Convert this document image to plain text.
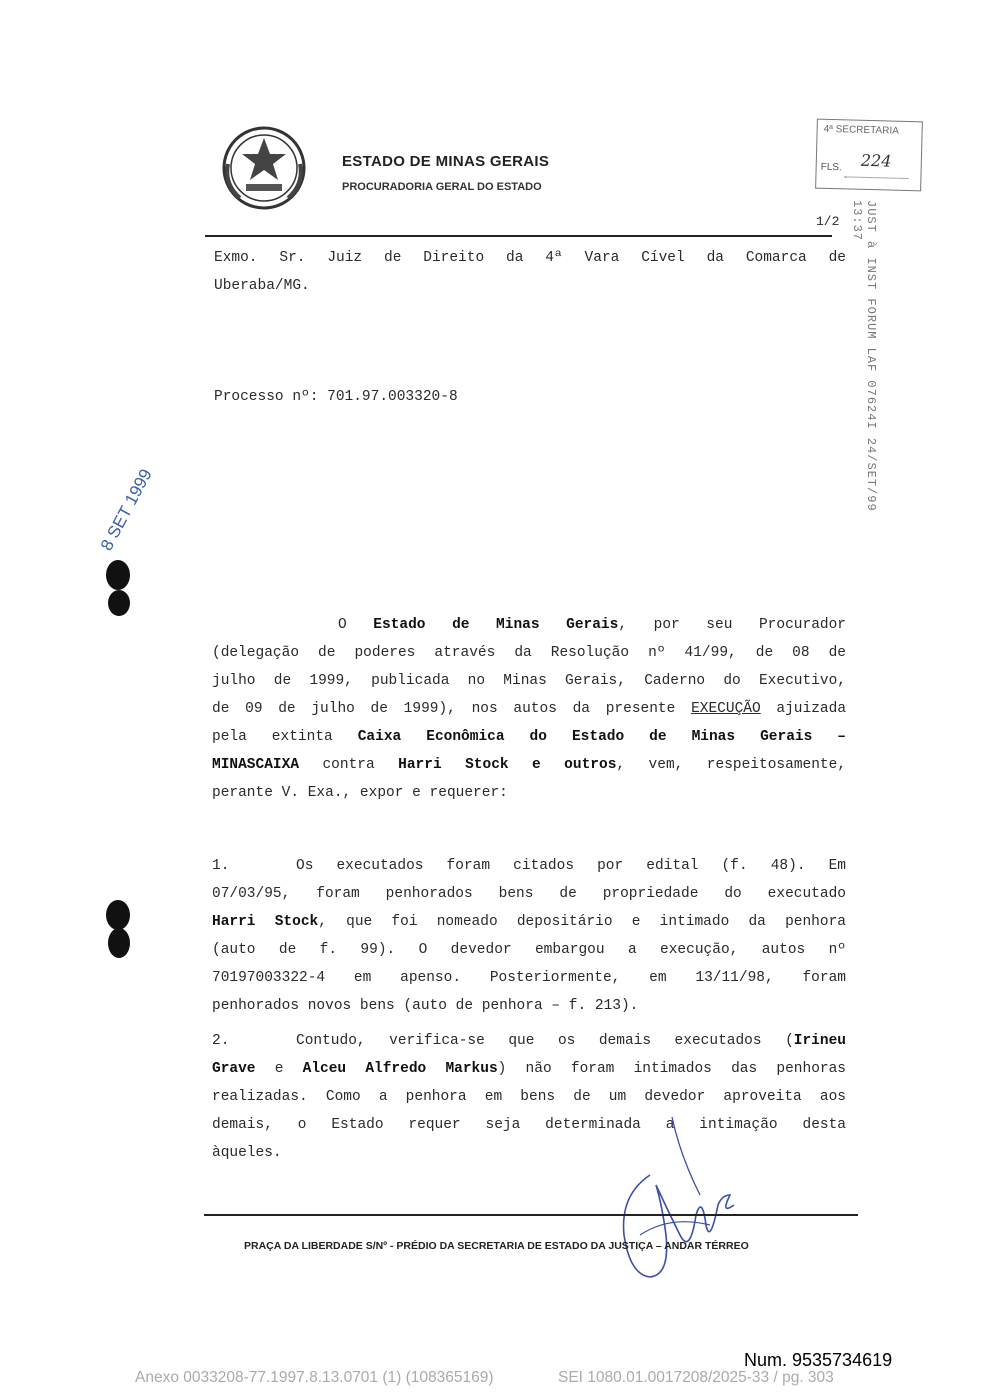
ESTADO DE MINAS GERAIS
PROCURADORIA GERAL DO ESTADO
4ª SECRETARIA
FLS. 224
1/2	JUST à INST FORUM LAF 07624I 24/SET/99 13:37
8 SET 1999
Exmo. Sr. Juiz de Direito da 4ª Vara Cível da Comarca de
Uberaba/MG.
Processo nº: 701.97.003320-8
O Estado de Minas Gerais, por seu Procurador
(delegação de poderes através da Resolução nº 41/99, de 08 de
julho de 1999, publicada no Minas Gerais, Caderno do Executivo,
de 09 de julho de 1999), nos autos da presente EXECUÇÃO ajuizada
pela extinta Caixa Econômica do Estado de Minas Gerais –
MINASCAIXA contra Harri Stock e outros, vem, respeitosamente,
perante V. Exa., expor e requerer:
1.	Os executados foram citados por edital (f. 48). Em
07/03/95, foram penhorados bens de propriedade do executado
Harri Stock, que foi nomeado depositário e intimado da penhora
(auto de f. 99). O devedor embargou a execução, autos nº
70197003322-4 em apenso. Posteriormente, em 13/11/98, foram
penhorados novos bens (auto de penhora – f. 213).
2.	Contudo, verifica-se que os demais executados (Irineu
Grave e Alceu Alfredo Markus) não foram intimados das penhoras
realizadas. Como a penhora em bens de um devedor aproveita aos
demais, o Estado requer seja determinada a intimação desta
àqueles.
PRAÇA DA LIBERDADE S/Nº - PRÉDIO DA SECRETARIA DE ESTADO DA JUSTIÇA – ANDAR TÉRREO
Num. 9535734619
Anexo 0033208-77.1997.8.13.0701 (1) (108365169)	SEI 1080.01.0017208/2025-33 / pg. 303
